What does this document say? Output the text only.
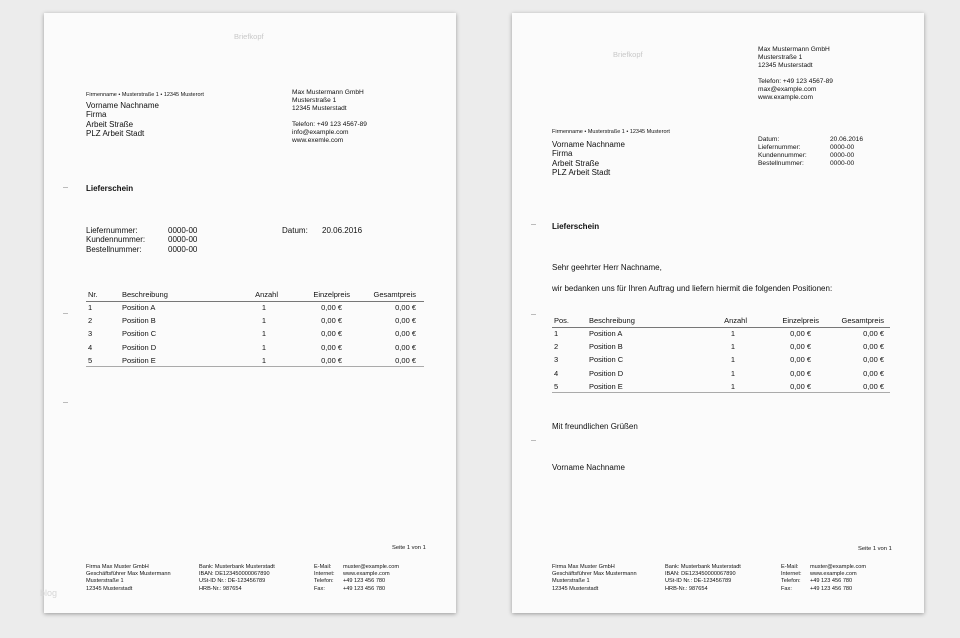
Briefkopf
Firmenname • Musterstraße 1 • 12345 Musterort
Vorname Nachname
Firma
Arbeit Straße
PLZ Arbeit Stadt
Max Mustermann GmbH
Musterstraße 1
12345 Musterstadt
Telefon: +49 123 4567-89
info@example.com
www.exemle.com
Lieferschein
Liefernummer:	0000-00
Kundennummer:	0000-00
Bestellnummer:	0000-00
Datum: 20.06.2016
Nr.	Beschreibung	Anzahl	Einzelpreis	Gesamtpreis
1	Position A	1	0,00 €	0,00 €
2	Position B	1	0,00 €	0,00 €
3	Position C	1	0,00 €	0,00 €
4	Position D	1	0,00 €	0,00 €
5	Position E	1	0,00 €	0,00 €
Seite 1 von 1
Firma Max Muster GmbH
Geschäftsführer Max Mustermann
Musterstraße 1
12345 Musterstadt
Bank: Musterbank Musterstadt
IBAN: DE123450000067890
USt-ID Nr.: DE-123456789
HRB-Nr.: 987654
E-Mail:	muster@example.com
Internet:	www.example.com
Telefon:	+49 123 456 780
Fax:	+49 123 456 780
blog
Briefkopf
Max Mustermann GmbH
Musterstraße 1
12345 Musterstadt
Telefon: +49 123 4567-89
max@example.com
www.example.com
Firmenname • Musterstraße 1 • 12345 Musterort
Vorname Nachname
Firma
Arbeit Straße
PLZ Arbeit Stadt
Datum:	20.06.2016
Liefernummer:	0000-00
Kundennummer:	0000-00
Bestellnummer:	0000-00
Lieferschein
Sehr geehrter Herr Nachname,
wir bedanken uns für Ihren Auftrag und liefern hiermit die folgenden Positionen:
Pos.	Beschreibung	Anzahl	Einzelpreis	Gesamtpreis
1	Position A	1	0,00 €	0,00 €
2	Position B	1	0,00 €	0,00 €
3	Position C	1	0,00 €	0,00 €
4	Position D	1	0,00 €	0,00 €
5	Position E	1	0,00 €	0,00 €
Mit freundlichen Grüßen
Vorname Nachname
Seite 1 von 1
Firma Max Muster GmbH
Geschäftsführer Max Mustermann
Musterstraße 1
12345 Musterstadt
Bank: Musterbank Musterstadt
IBAN: DE123450000067890
USt-ID Nr.: DE-123456789
HRB-Nr.: 987654
E-Mail:	muster@example.com
Internet:	www.example.com
Telefon:	+49 123 456 780
Fax:	+49 123 456 780
